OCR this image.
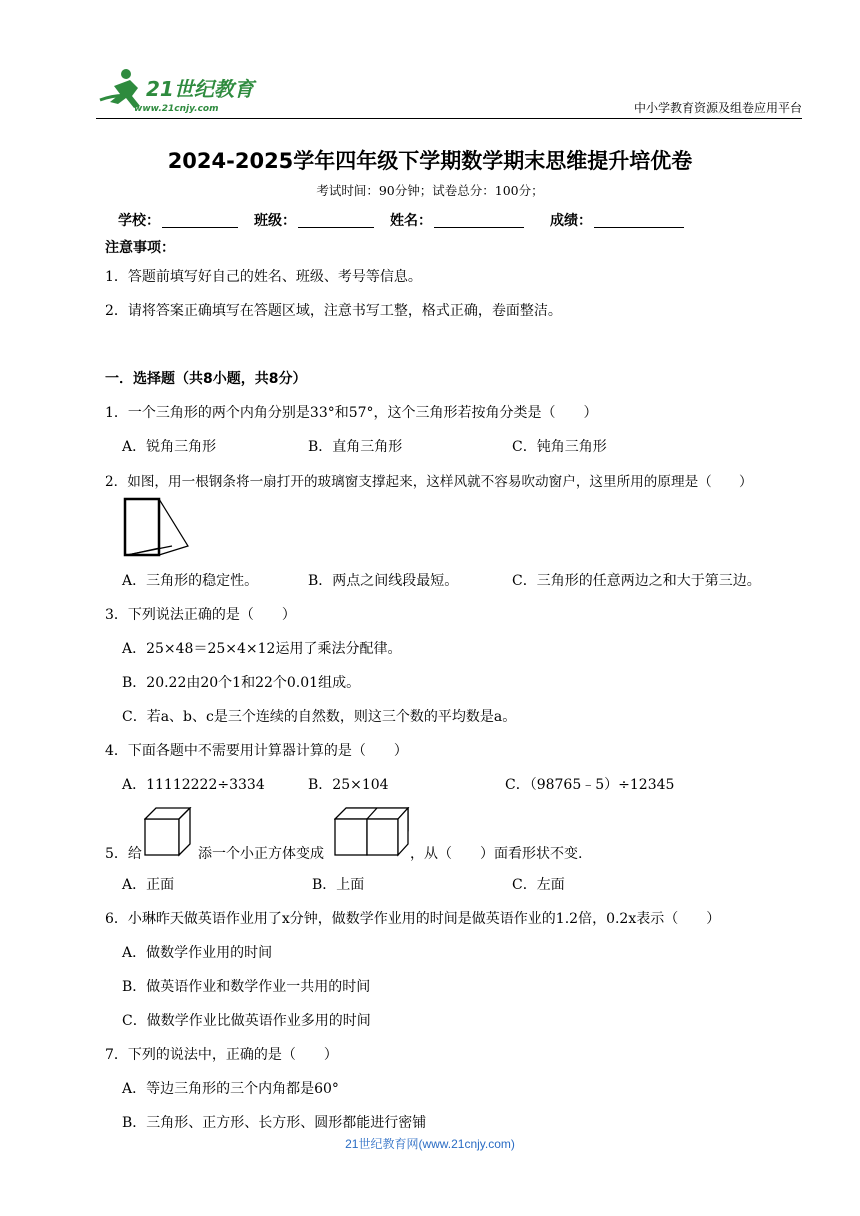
21世纪教育
www.21cnjy.com	中小学教育资源及组卷应用平台
2024-2025学年四年级下学期数学期末思维提升培优卷
考试时间：90分钟；试卷总分：100分；
学校：	班级：	姓名：	成绩：
注意事项：
1．答题前填写好自己的姓名、班级、考号等信息。
2．请将答案正确填写在答题区域，注意书写工整，格式正确，卷面整洁。
一．选择题（共8小题，共8分）
1．一个三角形的两个内角分别是33°和57°，这个三角形若按角分类是（　　）
A．锐角三角形	B．直角三角形	C．钝角三角形
2．如图，用一根钢条将一扇打开的玻璃窗支撑起来，这样风就不容易吹动窗户，这里所用的原理是（　　）
A．三角形的稳定性。	B．两点之间线段最短。	C．三角形的任意两边之和大于第三边。
3．下列说法正确的是（　　）
A．25×48＝25×4×12运用了乘法分配律。
B．20.22由20个1和22个0.01组成。
C．若a、b、c是三个连续的自然数，则这三个数的平均数是a。
4．下面各题中不需要用计算器计算的是（　　）
A．11112222÷3334	B．25×104	C．（98765﹣5）÷12345
5．给	添一个小正方体变成	，从（　　）面看形状不变.
A．正面	B．上面	C．左面
6．小琳昨天做英语作业用了x分钟，做数学作业用的时间是做英语作业的1.2倍，0.2x表示（　　）
A．做数学作业用的时间
B．做英语作业和数学作业一共用的时间
C．做数学作业比做英语作业多用的时间
7．下列的说法中，正确的是（　　）
A．等边三角形的三个内角都是60°
B．三角形、正方形、长方形、圆形都能进行密铺
21世纪教育网(www.21cnjy.com)
